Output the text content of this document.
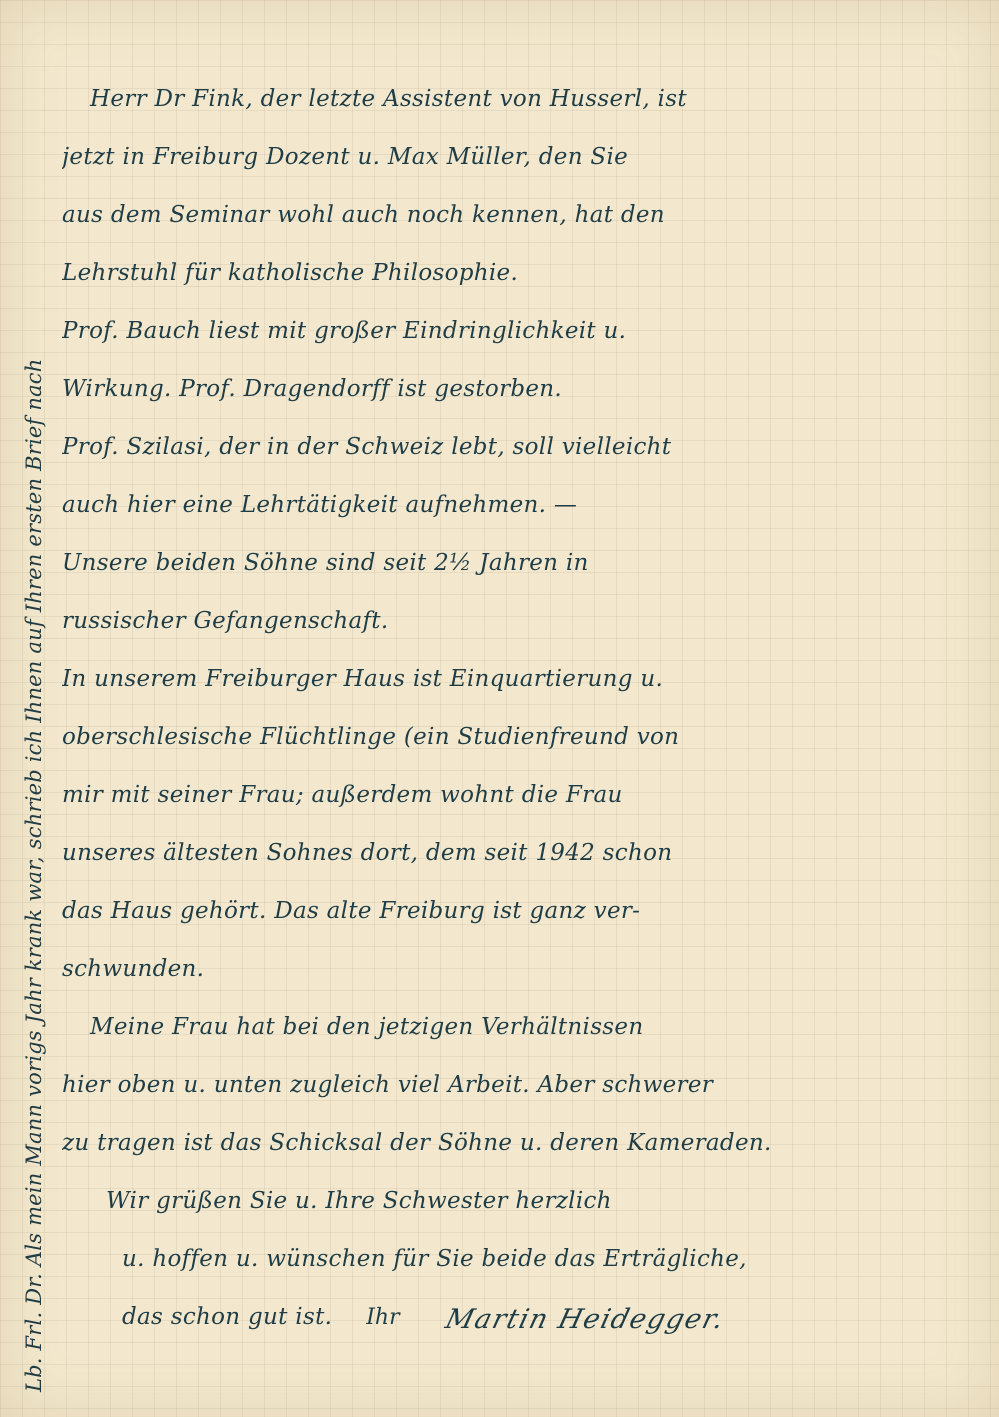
Lb. Frl. Dr. Als mein Mann vorigs Jahr krank war, schrieb ich Ihnen auf Ihren ersten Brief nach
Herr Dr Fink, der letzte Assistent von Husserl, ist
jetzt in Freiburg Dozent u. Max Müller, den Sie
aus dem Seminar wohl auch noch kennen, hat den
Lehrstuhl für katholische Philosophie.
Prof. Bauch liest mit großer Eindringlichkeit u.
Wirkung. Prof. Dragendorff ist gestorben.
Prof. Szilasi, der in der Schweiz lebt, soll vielleicht
auch hier eine Lehrtätigkeit aufnehmen. —
Unsere beiden Söhne sind seit 2½ Jahren in
russischer Gefangenschaft.
In unserem Freiburger Haus ist Einquartierung u.
oberschlesische Flüchtlinge (ein Studienfreund von
mir mit seiner Frau; außerdem wohnt die Frau
unseres ältesten Sohnes dort, dem seit 1942 schon
das Haus gehört. Das alte Freiburg ist ganz ver-
schwunden.
Meine Frau hat bei den jetzigen Verhältnissen
hier oben u. unten zugleich viel Arbeit. Aber schwerer
zu tragen ist das Schicksal der Söhne u. deren Kameraden.
Wir grüßen Sie u. Ihre Schwester herzlich
u. hoffen u. wünschen für Sie beide das Erträgliche,
das schon gut ist. Ihr Martin Heidegger.
